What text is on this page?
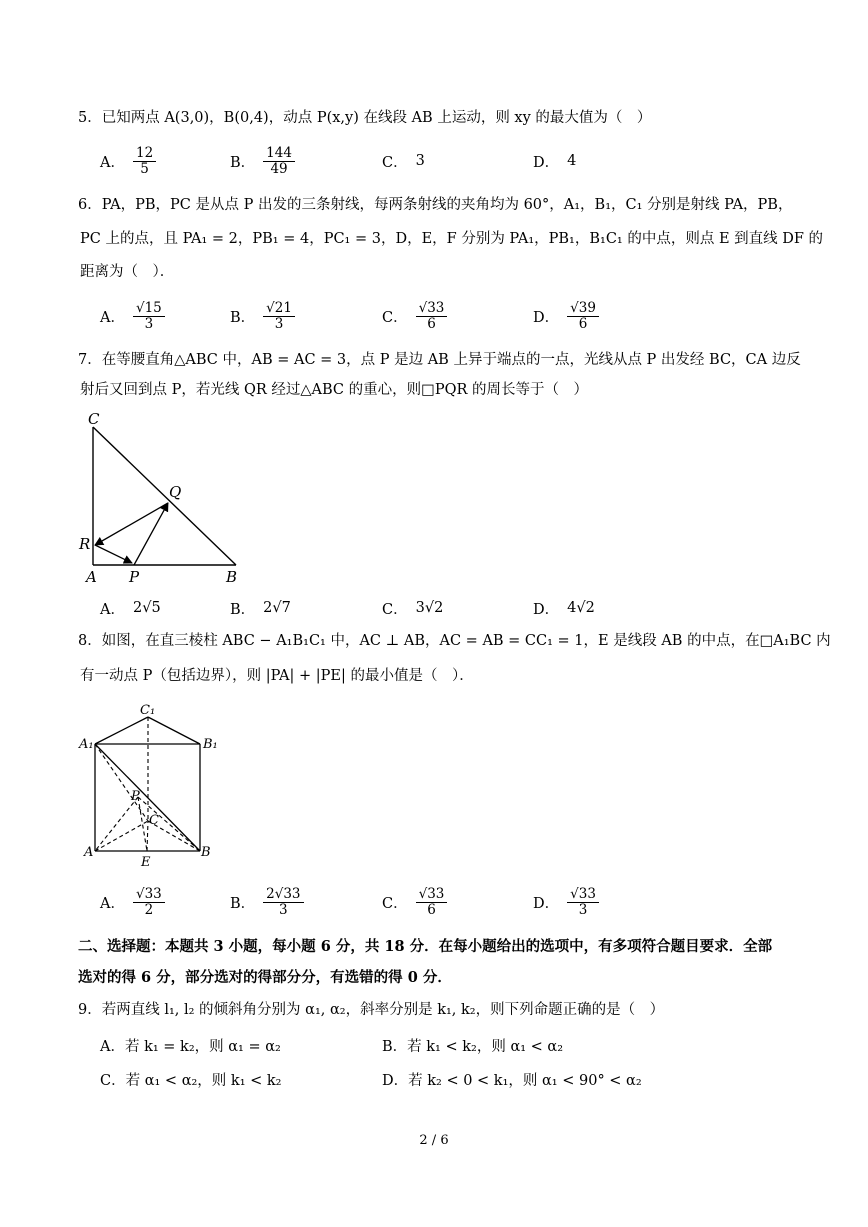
5．已知两点 A(3,0)，B(0,4)，动点 P(x,y) 在线段 AB 上运动，则 xy 的最大值为（　）
A． $\frac{12}{5}$	B． $\frac{144}{49}$	C． 3	D． 4
6．PA，PB，PC 是从点 P 出发的三条射线，每两条射线的夹角均为 60°，A₁，B₁，C₁ 分别是射线 PA，PB，
PC 上的点，且 PA₁ = 2，PB₁ = 4，PC₁ = 3，D，E，F 分别为 PA₁，PB₁，B₁C₁ 的中点，则点 E 到直线 DF 的
距离为（　）．
A． $\frac{√15}{3}$	B． $\frac{√21}{3}$	C． $\frac{√33}{6}$	D． $\frac{√39}{6}$
7．在等腰直角△ABC 中，AB = AC = 3，点 P 是边 AB 上异于端点的一点，光线从点 P 出发经 BC，CA 边反
射后又回到点 P，若光线 QR 经过△ABC 的重心，则□PQR 的周长等于（　）
C
Q
R
A P	B
A． 2√5	B． 2√7	C． 3√2	D． 4√2
8．如图，在直三棱柱 ABC − A₁B₁C₁ 中，AC ⊥ AB，AC = AB = CC₁ = 1，E 是线段 AB 的中点，在□A₁BC 内
有一动点 P（包括边界），则 |PA| + |PE| 的最小值是（　）．
C₁
A₁	B₁
P
C
A
E
B
A． $\frac{√33}{2}$	B． $\frac{2√33}{3}$	C． $\frac{√33}{6}$	D． $\frac{√33}{3}$
二、选择题：本题共 3 小题，每小题 6 分，共 18 分．在每小题给出的选项中，有多项符合题目要求．全部
选对的得 6 分，部分选对的得部分分，有选错的得 0 分．
9．若两直线 l₁, l₂ 的倾斜角分别为 α₁, α₂，斜率分别是 k₁, k₂，则下列命题正确的是（　）
A．若 k₁ = k₂，则 α₁ = α₂	B．若 k₁ < k₂，则 α₁ < α₂
C．若 α₁ < α₂，则 k₁ < k₂	D．若 k₂ < 0 < k₁，则 α₁ < 90° < α₂
2 / 6
